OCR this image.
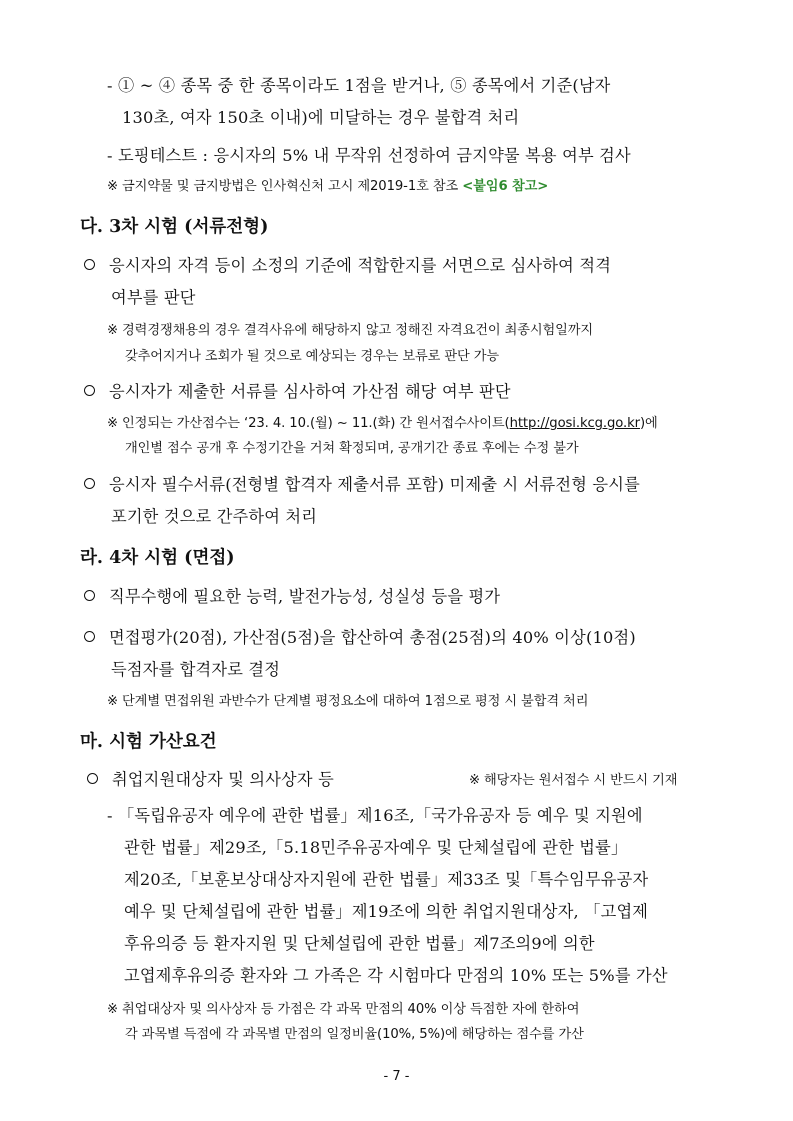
- ① ~ ④ 종목 중 한 종목이라도 1점을 받거나, ⑤ 종목에서 기준(남자
130초, 여자 150초 이내)에 미달하는 경우 불합격 처리
- 도핑테스트 : 응시자의 5% 내 무작위 선정하여 금지약물 복용 여부 검사
※ 금지약물 및 금지방법은 인사혁신처 고시 제2019-1호 참조 <붙임6 참고>
다. 3차 시험 (서류전형)
응시자의 자격 등이 소정의 기준에 적합한지를 서면으로 심사하여 적격
여부를 판단
※ 경력경쟁채용의 경우 결격사유에 해당하지 않고 정해진 자격요건이 최종시험일까지
갖추어지거나 조회가 될 것으로 예상되는 경우는 보류로 판단 가능
응시자가 제출한 서류를 심사하여 가산점 해당 여부 판단
※ 인정되는 가산점수는 ‘23. 4. 10.(월) ~ 11.(화) 간 원서접수사이트(http://gosi.kcg.go.kr)에
개인별 점수 공개 후 수정기간을 거쳐 확정되며, 공개기간 종료 후에는 수정 불가
응시자 필수서류(전형별 합격자 제출서류 포함) 미제출 시 서류전형 응시를
포기한 것으로 간주하여 처리
라. 4차 시험 (면접)
직무수행에 필요한 능력, 발전가능성, 성실성 등을 평가
면접평가(20점), 가산점(5점)을 합산하여 총점(25점)의 40% 이상(10점)
득점자를 합격자로 결정
※ 단계별 면접위원 과반수가 단계별 평정요소에 대하여 1점으로 평정 시 불합격 처리
마. 시험 가산요건
취업지원대상자 및 의사상자 등	※ 해당자는 원서접수 시 반드시 기재
- 「독립유공자 예우에 관한 법률」제16조,「국가유공자 등 예우 및 지원에
관한 법률」제29조,「5.18민주유공자예우 및 단체설립에 관한 법률」
제20조,「보훈보상대상자지원에 관한 법률」제33조 및「특수임무유공자
예우 및 단체설립에 관한 법률」제19조에 의한 취업지원대상자, 「고엽제
후유의증 등 환자지원 및 단체설립에 관한 법률」제7조의9에 의한
고엽제후유의증 환자와 그 가족은 각 시험마다 만점의 10% 또는 5%를 가산
※ 취업대상자 및 의사상자 등 가점은 각 과목 만점의 40% 이상 득점한 자에 한하여
각 과목별 득점에 각 과목별 만점의 일정비율(10%, 5%)에 해당하는 점수를 가산
- 7 -
